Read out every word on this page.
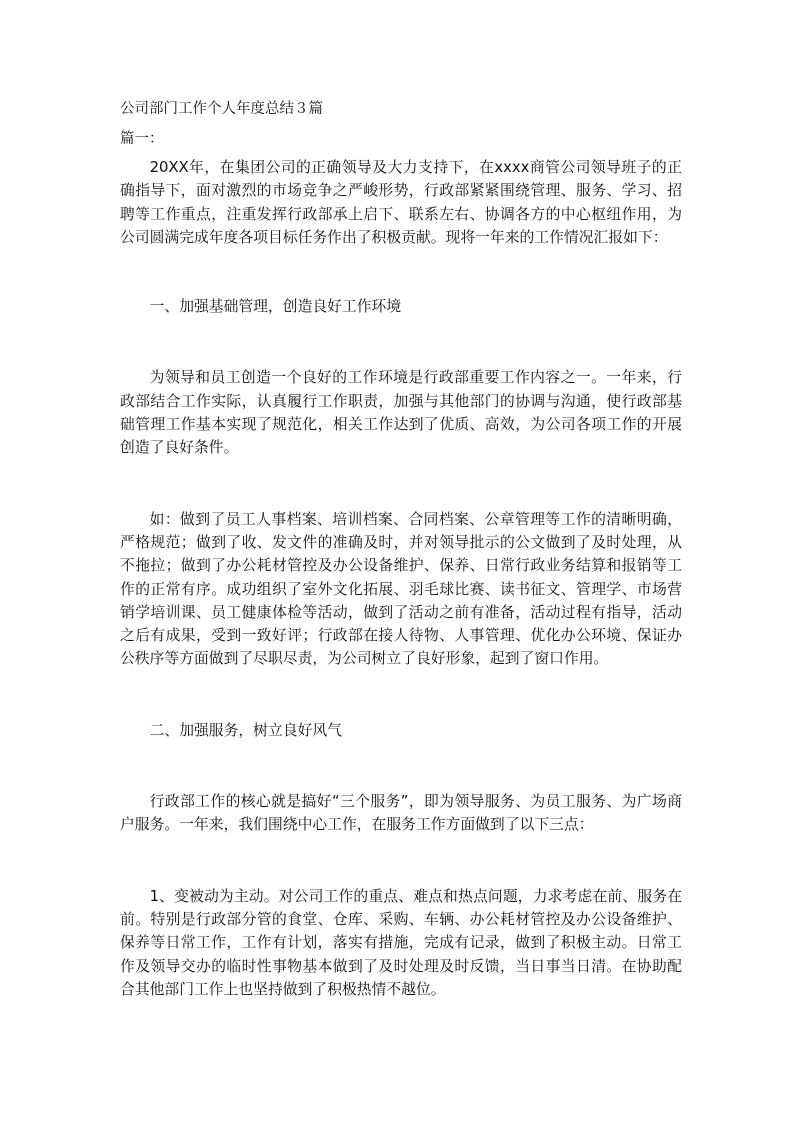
公司部门工作个人年度总结３篇

篇一：

20XX年，在集团公司的正确领导及大力支持下，在xxxx商管公司领导班子的正确指导下，面对激烈的市场竞争之严峻形势，行政部紧紧围绕管理、服务、学习、招聘等工作重点，注重发挥行政部承上启下、联系左右、协调各方的中心枢纽作用，为公司圆满完成年度各项目标任务作出了积极贡献。现将一年来的工作情况汇报如下：

一、加强基础管理，创造良好工作环境

为领导和员工创造一个良好的工作环境是行政部重要工作内容之一。一年来，行政部结合工作实际，认真履行工作职责，加强与其他部门的协调与沟通，使行政部基础管理工作基本实现了规范化，相关工作达到了优质、高效，为公司各项工作的开展创造了良好条件。

如：做到了员工人事档案、培训档案、合同档案、公章管理等工作的清晰明确，严格规范；做到了收、发文件的准确及时，并对领导批示的公文做到了及时处理，从不拖拉；做到了办公耗材管控及办公设备维护、保养、日常行政业务结算和报销等工作的正常有序。成功组织了室外文化拓展、羽毛球比赛、读书征文、管理学、市场营销学培训课、员工健康体检等活动，做到了活动之前有准备，活动过程有指导，活动之后有成果，受到一致好评；行政部在接人待物、人事管理、优化办公环境、保证办公秩序等方面做到了尽职尽责，为公司树立了良好形象，起到了窗口作用。

二、加强服务，树立良好风气

行政部工作的核心就是搞好“三个服务”，即为领导服务、为员工服务、为广场商户服务。一年来，我们围绕中心工作，在服务工作方面做到了以下三点：

1、变被动为主动。对公司工作的重点、难点和热点问题，力求考虑在前、服务在前。特别是行政部分管的食堂、仓库、采购、车辆、办公耗材管控及办公设备维护、保养等日常工作，工作有计划，落实有措施，完成有记录，做到了积极主动。日常工作及领导交办的临时性事物基本做到了及时处理及时反馈，当日事当日清。在协助配合其他部门工作上也坚持做到了积极热情不越位。
